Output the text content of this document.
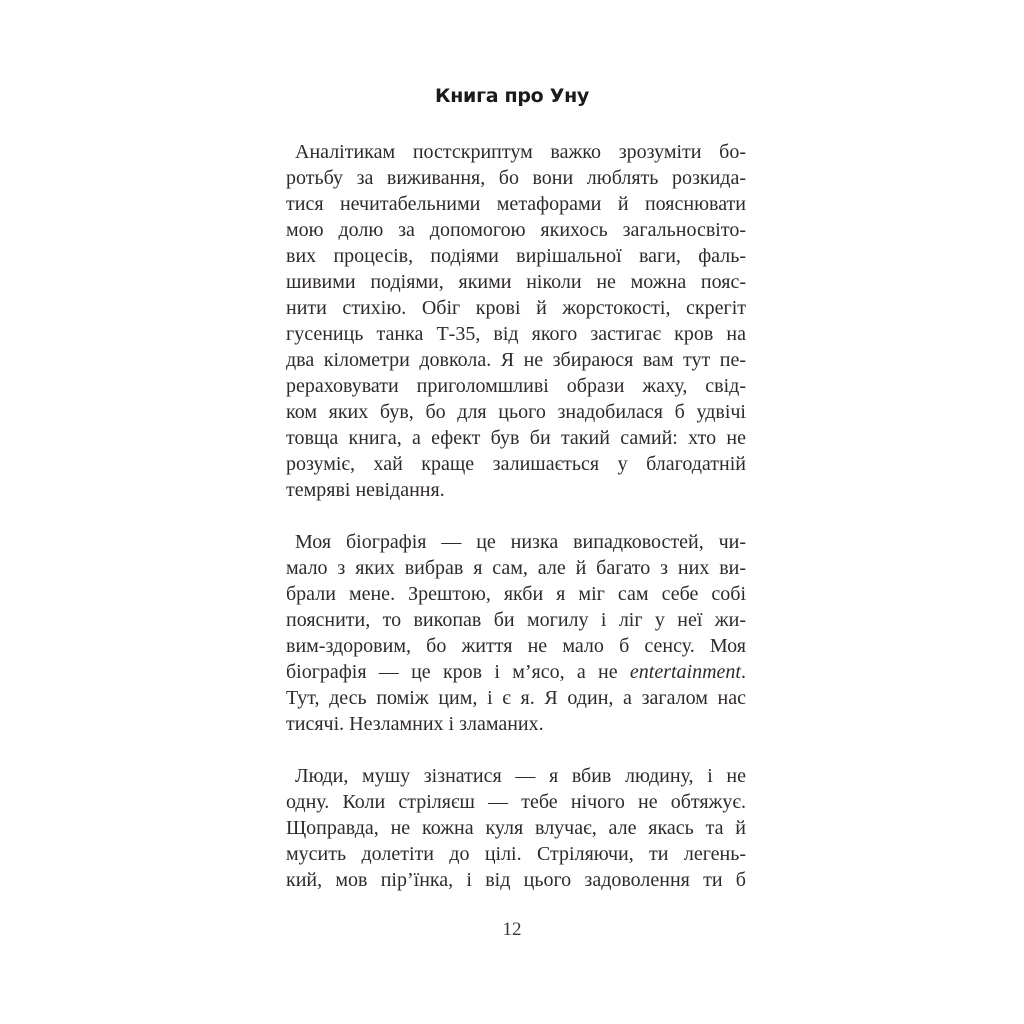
Книга про Уну
Аналітикам постскриптум важко зрозуміти бо-
ротьбу за виживання, бо вони люблять розкида-
тися нечитабельними метафорами й пояснювати
мою долю за допомогою якихось загальносвіто-
вих процесів, подіями вирішальної ваги, фаль-
шивими подіями, якими ніколи не можна пояс-
нити стихію. Обіг крові й жорстокості, скрегіт
гусениць танка Т-35, від якого застигає кров на
два кілометри довкола. Я не збираюся вам тут пе-
рераховувати приголомшливі образи жаху, свід-
ком яких був, бо для цього знадобилася б удвічі
товща книга, а ефект був би такий самий: хто не
розуміє, хай краще залишається у благодатній
темряві невідання.
Моя біографія — це низка випадковостей, чи-
мало з яких вибрав я сам, але й багато з них ви-
брали мене. Зрештою, якби я міг сам себе собі
пояснити, то викопав би могилу і ліг у неї жи-
вим-здоровим, бо життя не мало б сенсу. Моя
біографія — це кров і м’ясо, а не entertainment.
Тут, десь поміж цим, і є я. Я один, а загалом нас
тисячі. Незламних і зламаних.
Люди, мушу зізнатися — я вбив людину, і не
одну. Коли стріляєш — тебе нічого не обтяжує.
Щоправда, не кожна куля влучає, але якась та й
мусить долетіти до цілі. Стріляючи, ти легень-
кий, мов пір’їнка, і від цього задоволення ти б
12
